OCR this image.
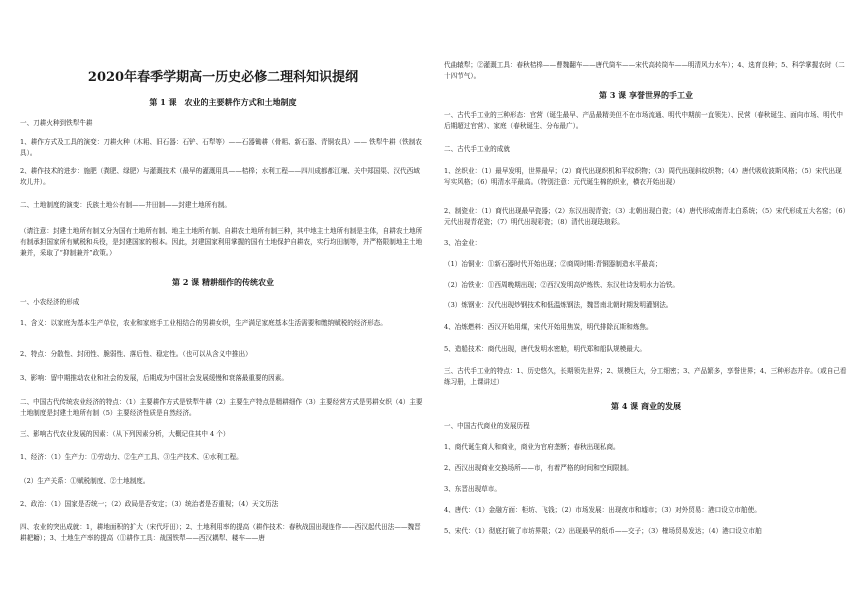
2020年春季学期高一历史必修二理科知识提纲
第 1 课　农业的主要耕作方式和土地制度

一、刀耕火种到铁犁牛耕

1、耕作方式及工具的演变：刀耕火种（木耜、旧石器：石铲、石犁等）——石器锄耕（骨耜、新石器、青铜农具）—— 铁犁牛耕（铁制农具）。

2、耕作技术的进步：施肥（粪肥、绿肥）与灌溉技术（最早的灌溉用具——桔槔；水利工程——四川成都都江堰、关中郑国渠、汉代西域坎儿井）。

二、土地制度的演变：氏族土地公有制——井田制——封建土地所有制。

（请注意：封建土地所有制又分为国有土地所有制、地主土地所有制、自耕农土地所有制三种，其中地主土地所有制是主体，自耕农土地所有制承担国家所有赋税和兵役，是封建国家的根本。因此，封建国家利用掌握的国有土地保护自耕农，实行均田制等，并严格限制地主土地兼并，采取了“抑制兼并”政策。）

第 2 课 精耕细作的传统农业

一、小农经济的形成

1、含义：以家庭为基本生产单位，农业和家庭手工业相结合的男耕女织，生产满足家庭基本生活需要和缴纳赋税的经济形态。

2、特点：分散性、封闭性、脆弱性、落后性、稳定性。（也可以从含义中推出）

3、影响：留中期推动农业和社会的发展，后期成为中国社会发展缓慢和衰落最重要的因素。

二、中国古代传统农业经济的特点：（1）主要耕作方式是铁犁牛耕（2）主要生产特点是精耕细作（3）主要经营方式是男耕女织（4）主要土地制度是封建土地所有制（5）主要经济性质是自然经济。

三、影响古代农业发展的因素：（从下列因素分析，大概记住其中 4 个）

1、经济：（1）生产力：①劳动力、②生产工具、③生产技术、④水利工程。

（2）生产关系：①赋税制度、②土地制度。

2、政治：（1）国家是否统一；（2）政局是否安定；（3）统治者是否重视；（4）天文历法

四、农业的突出成就：1，耕地面积的扩大（宋代圩田）；2、土地利用率的提高（耕作技术：春秋战国出现连作——西汉起代田法——魏晋耕耙耱）；3、土地生产率的提高（①耕作工具：战国铁犁——西汉耦犁、耧车——唐

代曲辕犁；②灌溉工具：春秋桔槔——曹魏翻车——唐代筒车——宋代高转筒车——明清风力水车）；4、选育良种；5、科学掌握农时（二十四节气）。

第 3 课 享誉世界的手工业

一、古代手工业的三种形态：官营（诞生最早、产品最精美但不在市场流通、明代中期前一直领先）、民营（春秋诞生、面向市场、明代中后期超过官营）、家庭（春秋诞生、分布最广）。

二、古代手工业的成就

1、丝织业：（1）最早发明，世界最早；（2）商代出现织机和平纹织物；（3）周代出现斜纹织物；（4）唐代吸收波斯风格；（5）宋代出现写实风格；（6）明清水平最高。（特别注意：元代诞生棉的织业，横衣开始出现）

2、制瓷业：（1）商代出现最早瓷器；（2）东汉出现青瓷；（3）北朝出现白瓷；（4）唐代形成南青北白系统；（5）宋代形成五大名窑；（6）元代出现青花瓷；（7）明代出现彩瓷；（8）清代出现珐琅彩。

3、冶金业：

（1）冶铜业：①新石器时代开始出现；②商周时期:青铜器制造水平最高；

（2）冶铁业：①西周晚期出现；②西汉发明高炉炼铁、东汉杜诗发明水力冶铁。

（3）炼钢业：汉代出现炒钢技术和低温炼钢法，魏晋南北朝时期发明灌钢法。

4、冶炼燃料：西汉开始用煤，宋代开始用焦炭，明代排除瓦斯和炼焦。

5、造船技术：商代出现，唐代发明水密舱，明代郑和船队规模最大。

三、古代手工业的特点：1、历史悠久，长期领先世界；2、规模巨大，分工细密；3、产品繁多，享誉世界；4、三种形态并存。（或自己看练习册，上课讲过）

第 4 课 商业的发展

一、中国古代商业的发展历程

1、商代诞生商人和商业，商业为官府垄断；春秋出现私商。

2、西汉出现商业交换场所——市，有着严格的时间和空间限制。

3、东晋出现草市。

4、唐代：（1）金融方面：柜坊、飞钱；（2）市场发展：出现夜市和墟市；（3）对外贸易：港口设立市舶使。

5、宋代：（1）彻底打破了市坊界限；（2）出现最早的纸币——交子；（3）榷场贸易发达；（4）港口设立市舶
